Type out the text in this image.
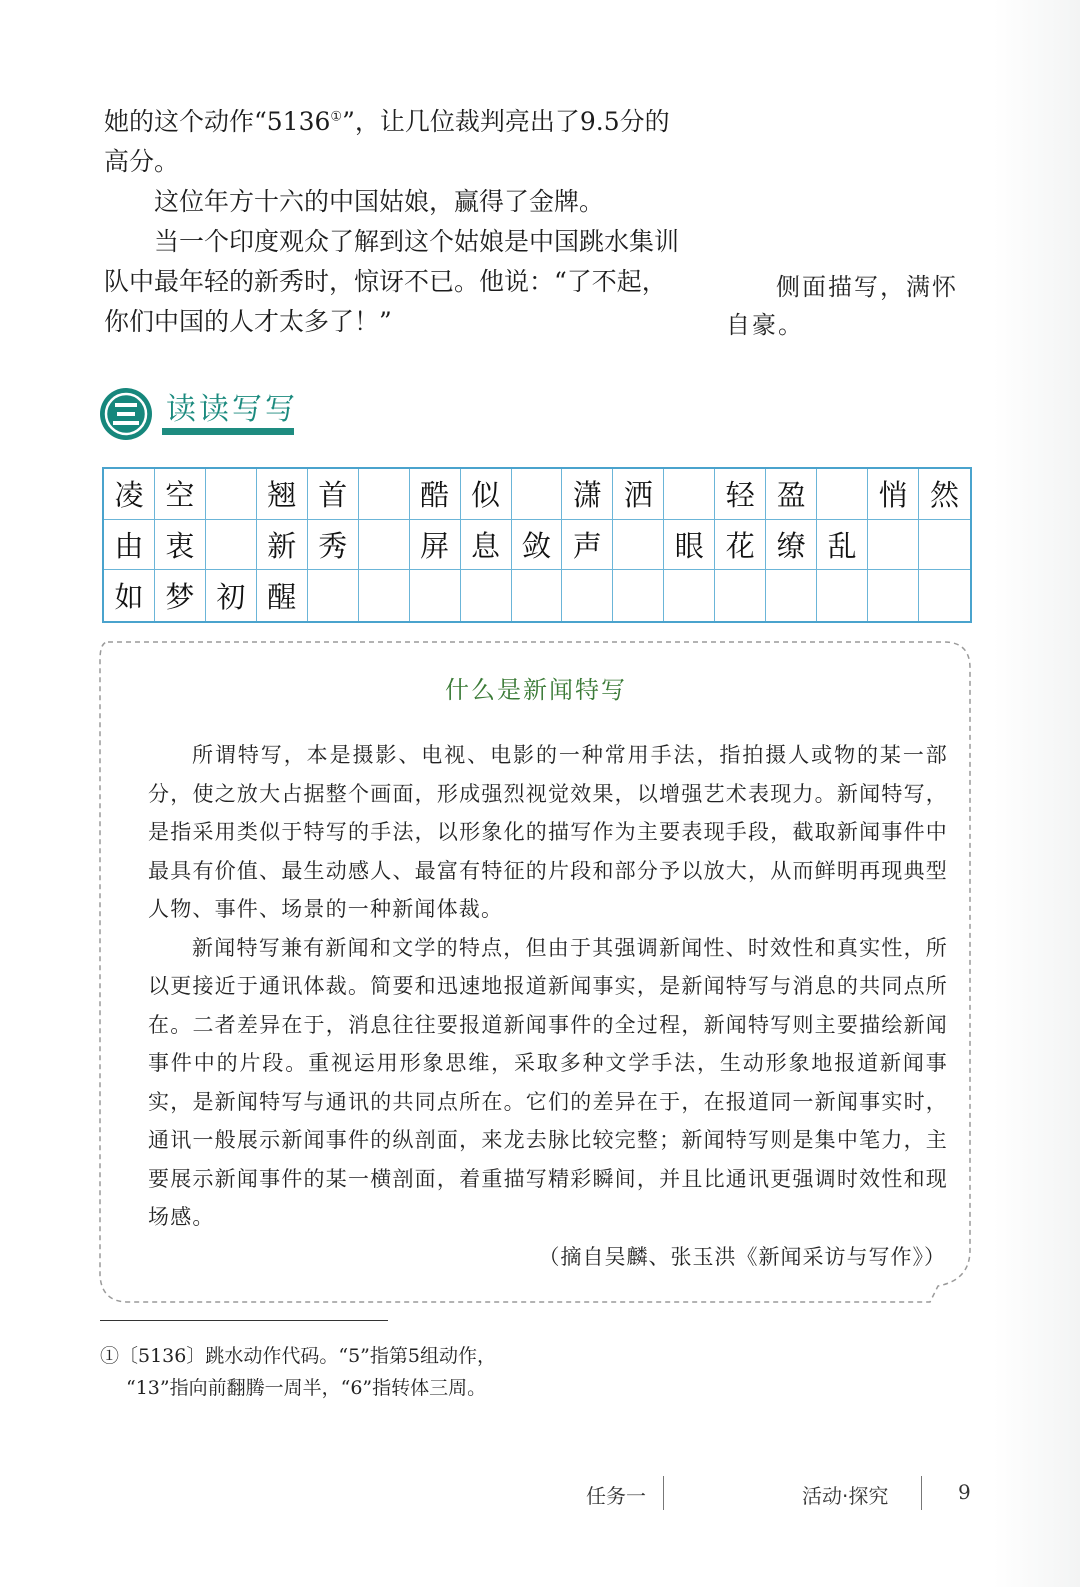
她的这个动作“5136①”，让几位裁判亮出了9.5分的高分。

这位年方十六的中国姑娘，赢得了金牌。

当一个印度观众了解到这个姑娘是中国跳水集训队中最年轻的新秀时，惊讶不已。他说：“了不起，你们中国的人才太多了！”

侧面描写，满怀
自豪。
读读写写
凌 空	翘 首	酷 似	潇 洒	轻 盈	悄 然
由 衷	新 秀	屏 息 敛 声	眼 花 缭 乱
如 梦 初 醒
什么是新闻特写

所谓特写，本是摄影、电视、电影的一种常用手法，指拍摄人或物的某一部分，使之放大占据整个画面，形成强烈视觉效果，以增强艺术表现力。新闻特写，是指采用类似于特写的手法，以形象化的描写作为主要表现手段，截取新闻事件中最具有价值、最生动感人、最富有特征的片段和部分予以放大，从而鲜明再现典型人物、事件、场景的一种新闻体裁。

新闻特写兼有新闻和文学的特点，但由于其强调新闻性、时效性和真实性，所以更接近于通讯体裁。简要和迅速地报道新闻事实，是新闻特写与消息的共同点所在。二者差异在于，消息往往要报道新闻事件的全过程，新闻特写则主要描绘新闻事件中的片段。重视运用形象思维，采取多种文学手法，生动形象地报道新闻事实，是新闻特写与通讯的共同点所在。它们的差异在于，在报道同一新闻事实时，通讯一般展示新闻事件的纵剖面，来龙去脉比较完整；新闻特写则是集中笔力，主要展示新闻事件的某一横剖面，着重描写精彩瞬间，并且比通讯更强调时效性和现场感。

（摘自吴麟、张玉洪《新闻采访与写作》）
①〔5136〕跳水动作代码。“5”指第5组动作，
“13”指向前翻腾一周半，“6”指转体三周。
任务一	活动·探究	9
